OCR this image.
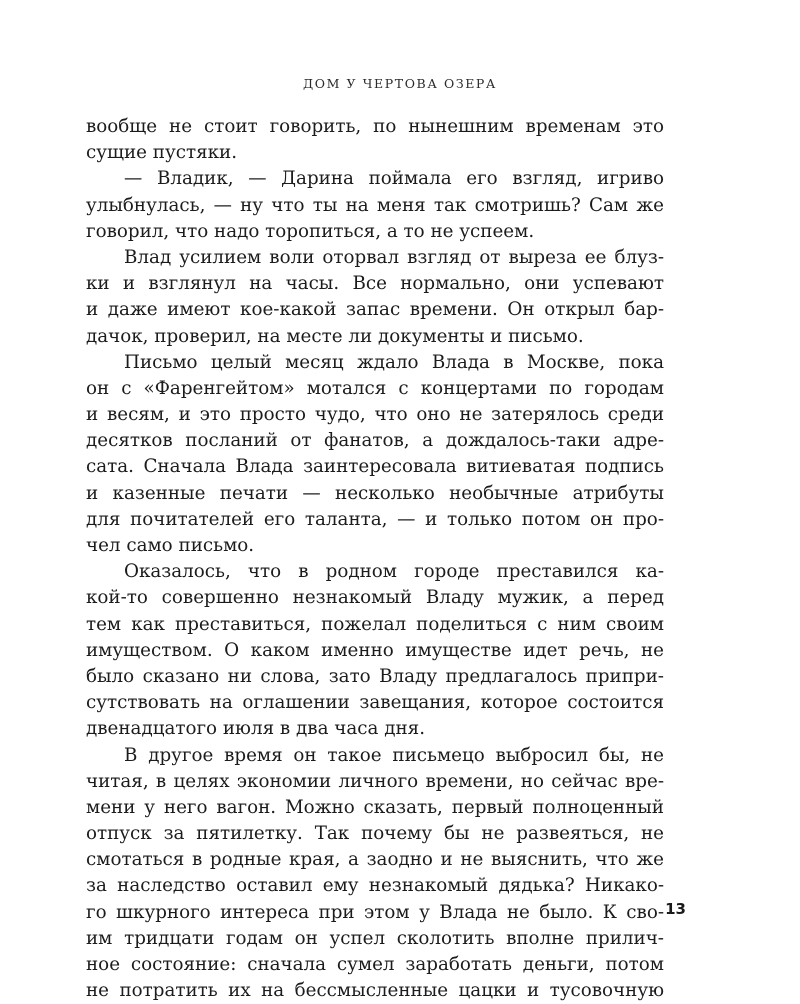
ДОМ У ЧЕРТОВА ОЗЕРА
вообще не стоит говорить, по нынешним временам это
сущие пустяки.
— Владик, — Дарина поймала его взгляд, игриво
улыбнулась, — ну что ты на меня так смотришь? Сам же
говорил, что надо торопиться, а то не успеем.
Влад усилием воли оторвал взгляд от выреза ее блуз-
ки и взглянул на часы. Все нормально, они успевают
и даже имеют кое-какой запас времени. Он открыл бар-
дачок, проверил, на месте ли документы и письмо.
Письмо целый месяц ждало Влада в Москве, пока
он с «Фаренгейтом» мотался с концертами по городам
и весям, и это просто чудо, что оно не затерялось среди
десятков посланий от фанатов, а дождалось-таки адре-
сата. Сначала Влада заинтересовала витиеватая подпись
и казенные печати — несколько необычные атрибуты
для почитателей его таланта, — и только потом он про-
чел само письмо.
Оказалось, что в родном городе преставился ка-
кой-то совершенно незнакомый Владу мужик, а перед
тем как преставиться, пожелал поделиться с ним своим
имуществом. О каком именно имуществе идет речь, не
было сказано ни слова, зато Владу предлагалось припри-
сутствовать на оглашении завещания, которое состоится
двенадцатого июля в два часа дня.
В другое время он такое письмецо выбросил бы, не
читая, в целях экономии личного времени, но сейчас вре-
мени у него вагон. Можно сказать, первый полноценный
отпуск за пятилетку. Так почему бы не развеяться, не
смотаться в родные края, а заодно и не выяснить, что же
за наследство оставил ему незнакомый дядька? Никако-
го шкурного интереса при этом у Влада не было. К сво-
им тридцати годам он успел сколотить вполне прилич-
ное состояние: сначала сумел заработать деньги, потом
не потратить их на бессмысленные цацки и тусовочную
13
